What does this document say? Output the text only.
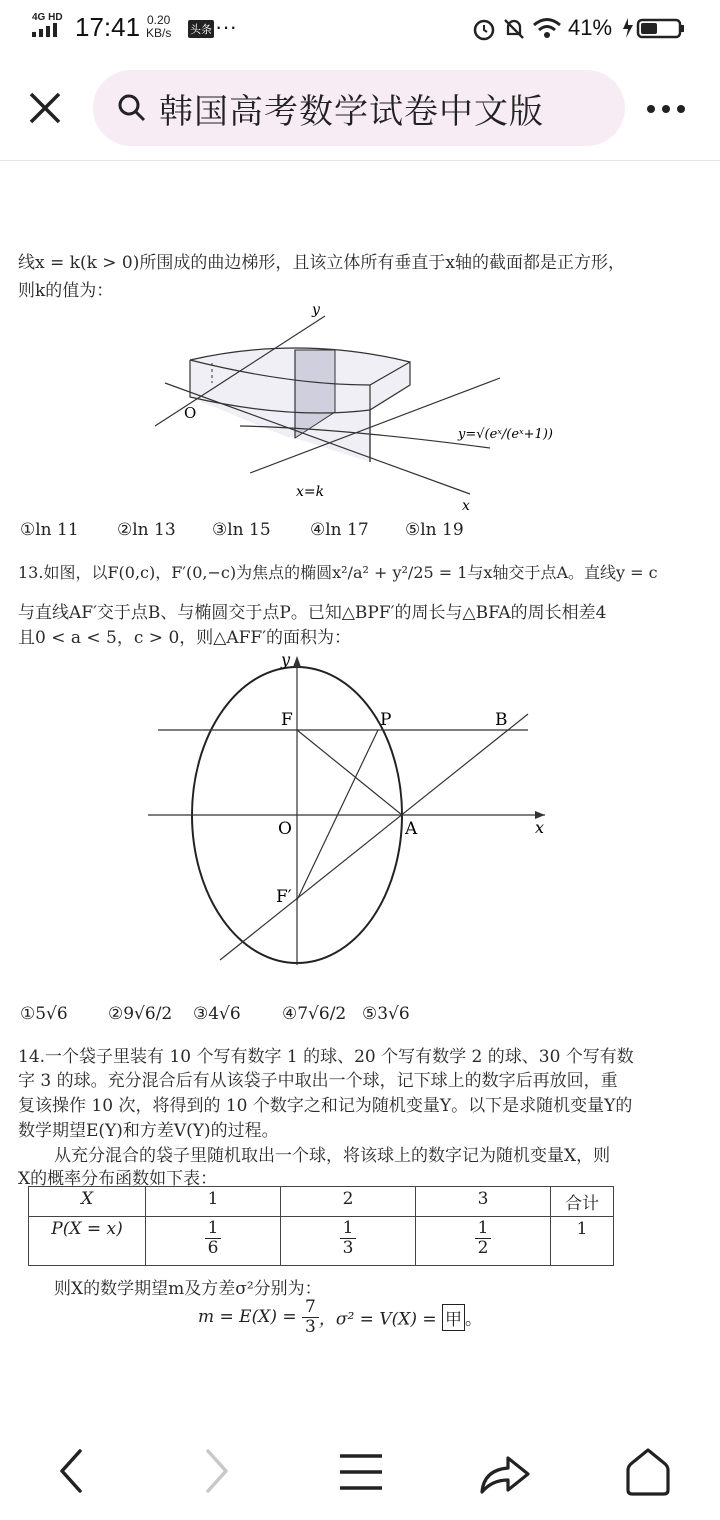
4G HD 17:41 0.20
KB/s 头条 ···	41%
韩国高考数学试卷中文版
线x = k(k > 0)所围成的曲边梯形，且该立体所有垂直于x轴的截面都是正方形，
则k的值为：
y
O
y=√(eˣ/(eˣ+1))
x=k
x
①ln 11 ②ln 13 ③ln 15 ④ln 17 ⑤ln 19
13.如图，以F(0,c)，F′(0,−c)为焦点的椭圆x²/a² + y²/25 = 1与x轴交于点A。直线y = c
与直线AF′交于点B、与椭圆交于点P。已知△BPF′的周长与△BFA的周长相差4
且0 < a < 5，c > 0，则△AFF′的面积为：
y
x
F	P	B
O	A
F′
①5√6 ②9√6/2 ③4√6 ④7√6/2 ⑤3√6
14.一个袋子里装有 10 个写有数字 1 的球、20 个写有数学 2 的球、30 个写有数
字 3 的球。充分混合后有从该袋子中取出一个球，记下球上的数字后再放回，重
复该操作 10 次，将得到的 10 个数字之和记为随机变量Y。以下是求随机变量Y的
数学期望E(Y)和方差V(Y)的过程。
从充分混合的袋子里随机取出一个球，将该球上的数字记为随机变量X，则
X的概率分布函数如下表：
X	1	2	3	合计
P(X = x)	$\frac{1}{6}$	$\frac{1}{3}$	$\frac{1}{2}$	1
则X的数学期望m及方差σ²分别为：
$m = E(X) = \frac{7}{3}$ ，σ² = V(X) = 甲 。
